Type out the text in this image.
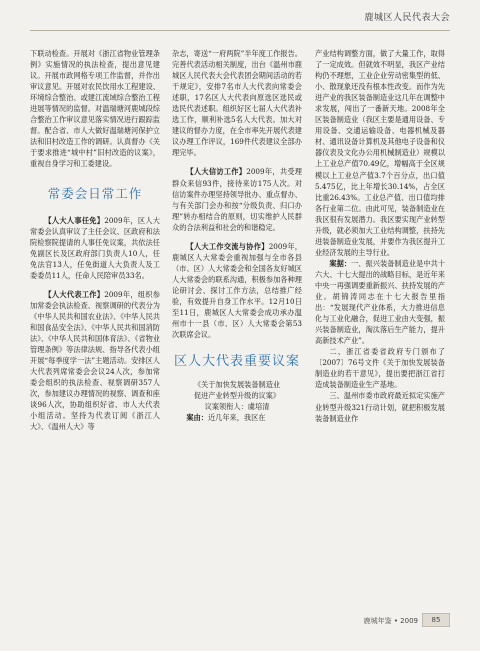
鹿城区人民代表大会

下联动检查。开展对《浙江省物业管理条例》实施情况的执法检查，提出意见建议。开展市政网格专项工作监督，并作出审议意见。开展对农民饮用水工程建设、环境综合整治、或建江流域综合整治工程进展等情况的监督。对温瑞塘河鹿城段综合整治工作审议意见落实情况进行跟踪监督。配合省、市人大做好温瑞塘河保护立法和旧村改造工作的调研。认真督办《关于要求推进“城中村”旧村改造的议案》，重视自身学习和工委建设。

常委会日常工作

【人大人事任免】2009年，区人大常委会认真审议了主任会议、区政府和法院检察院提请的人事任免议案，共依法任免副区长及区政府部门负责人10人，任免法官13人，任免街道人大负责人及工委委员11人，任命人民陪审员33名。

【人大代表工作】2009年，组织参加常委会执法检查、视察调研的代表分为《中华人民共和国农业法》、《中华人民共和国食品安全法》、《中华人民共和国消防法》、《中华人民共和国体育法》、《省物业管理条例》等法律法规、指导各代表小组开展“每季度学一法”主题活动。安排区人大代表列席常委会会议24人次，参加常委会组织的执法检查、视察调研357人次，参加建议办理情况的视察、调查和座谈96人次，协助组织好省、市人大代表小组活动。坚持为代表订阅《浙江人大》、《温州人大》等

杂志，寄送“一府两院”半年度工作报告。完善代表活动相关制度，出台《温州市鹿城区人民代表大会代表团会期间活动的若干规定》，安排7名市人大代表向常委会述职，17名区人大代表向原选区选民或选民代表述职。组织好区七届人大代表补选工作，顺利补选5名人大代表。加大对建议的督办力度，在全市率先开展代表建议办理工作评议，169件代表建议全部办理完毕。

【人大信访工作】2009年，共受理群众来信93件，接待来访175人次。对信访案件办理坚持领导批办、重点督办、与有关部门会办和按“分级负责、归口办理”转办相结合的原则，切实维护人民群众的合法利益和社会的和谐稳定。

【人大工作交流与协作】2009年，鹿城区人大常委会重视加强与全市各县（市、区）人大常委会和全国各友好城区人大常委会的联系沟通，积极参加各种理论研讨会、探讨工作方法，总结推广经验，有效提升自身工作水平。12月10日至11日，鹿城区人大常委会成功承办温州市十一县（市、区）人大常委会第53次联席会议。

区人大代表重要议案

《关于加快发展装备制造业

促进产业转型升级的议案》

议案领衔人：虞培清

案由：近几年来，我区在

产业结构调整方面，做了大量工作，取得了一定成效。但就效不明显，我区产业结构仍不理想，工业企业劳动密集型的低、小、散现象还没有根本性改变。而作为先进产业的我区装备制造业这几年在调整中求发展，闯出了一番新天地。2008年全区装备制造业（我区主要是通用设备、专用设备、交通运输设备、电器机械及器材、通讯设备计算机及其他电子设备和仪器仪表及文化办公用机械制造业）规模以上工业总产值70.49亿，增幅高于全区规模以上工业总产值3.7个百分点，出口值5.475亿，比上年增长30.14%，占全区比重26.43%。工业总产值、出口值均排各行业第二位。由此可见，装备制造业在我区很有发展潜力。我区要实现产业转型升级，就必须加大工业结构调整，扶持先进装备制造业发展，并要作为我区提升工业经济发展的主导行业。

案据：一、振兴装备制造业是中共十六大、十七大提出的战略目标，是近年来中央一再强调要重新振兴、扶持发展的产业。胡锦涛同志在十七大报告里指出：“发展现代产业体系，大力推进信息化与工业化融合，促进工业由大变强，振兴装备制造业，淘汰落后生产能力，提升高新技术产业”。

二、浙江省委省政府专门颁布了〔2007〕76号文件《关于加快发展装备制造业的若干意见》，提出要把浙江省打造成装备制造业生产基地。

三、温州市委市政府最近拟定实施产业转型升级321行动计划，就把积极发展装备制造业作

鹿城年鉴 • 2009	85
